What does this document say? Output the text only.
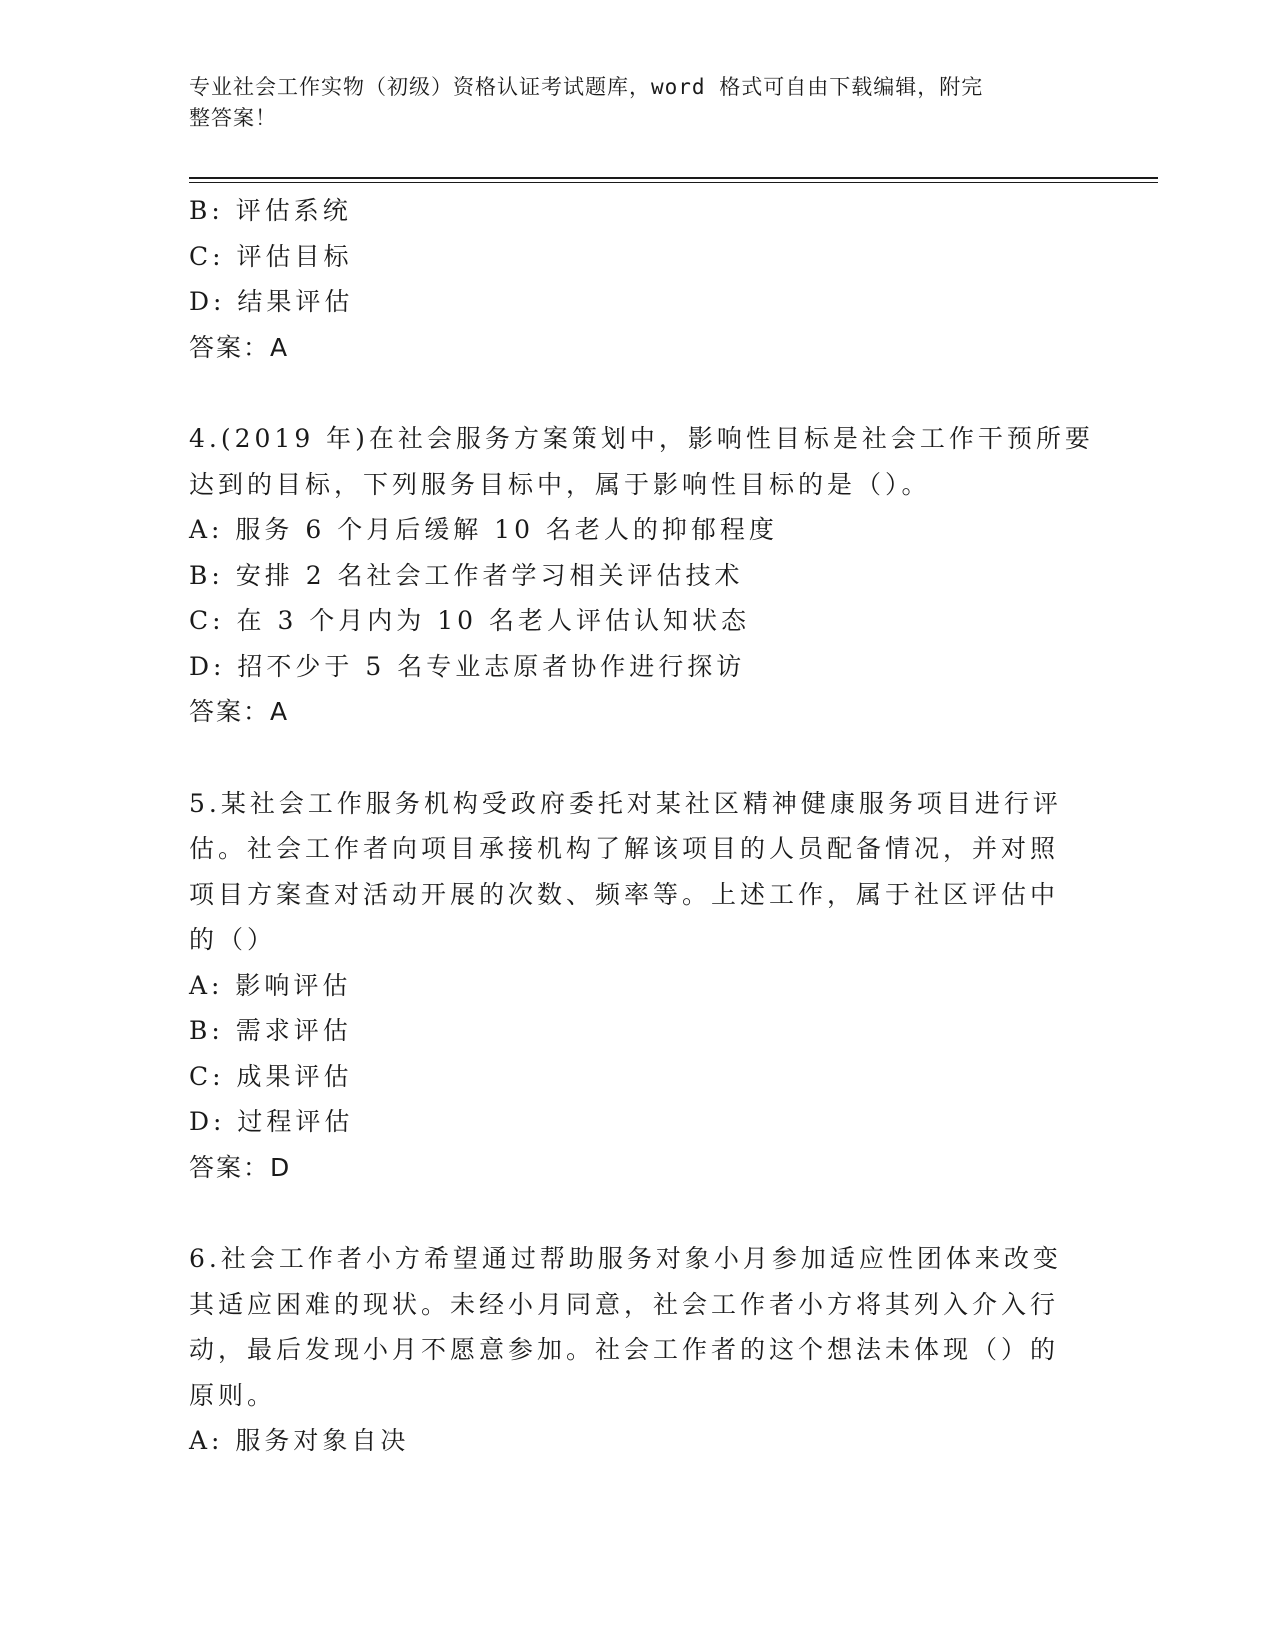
专业社会工作实物（初级）资格认证考试题库，word 格式可自由下载编辑，附完
整答案！
B: 评估系统
C: 评估目标
D: 结果评估
答案：A
4.(2019 年)在社会服务方案策划中，影响性目标是社会工作干预所要
达到的目标，下列服务目标中，属于影响性目标的是（）。
A: 服务 6 个月后缓解 10 名老人的抑郁程度
B: 安排 2 名社会工作者学习相关评估技术
C: 在 3 个月内为 10 名老人评估认知状态
D: 招不少于 5 名专业志原者协作进行探访
答案：A
5.某社会工作服务机构受政府委托对某社区精神健康服务项目进行评
估。社会工作者向项目承接机构了解该项目的人员配备情况，并对照
项目方案查对活动开展的次数、频率等。上述工作，属于社区评估中
的（）
A: 影响评估
B: 需求评估
C: 成果评估
D: 过程评估
答案：D
6.社会工作者小方希望通过帮助服务对象小月参加适应性团体来改变
其适应困难的现状。未经小月同意，社会工作者小方将其列入介入行
动，最后发现小月不愿意参加。社会工作者的这个想法未体现（）的
原则。
A: 服务对象自决
